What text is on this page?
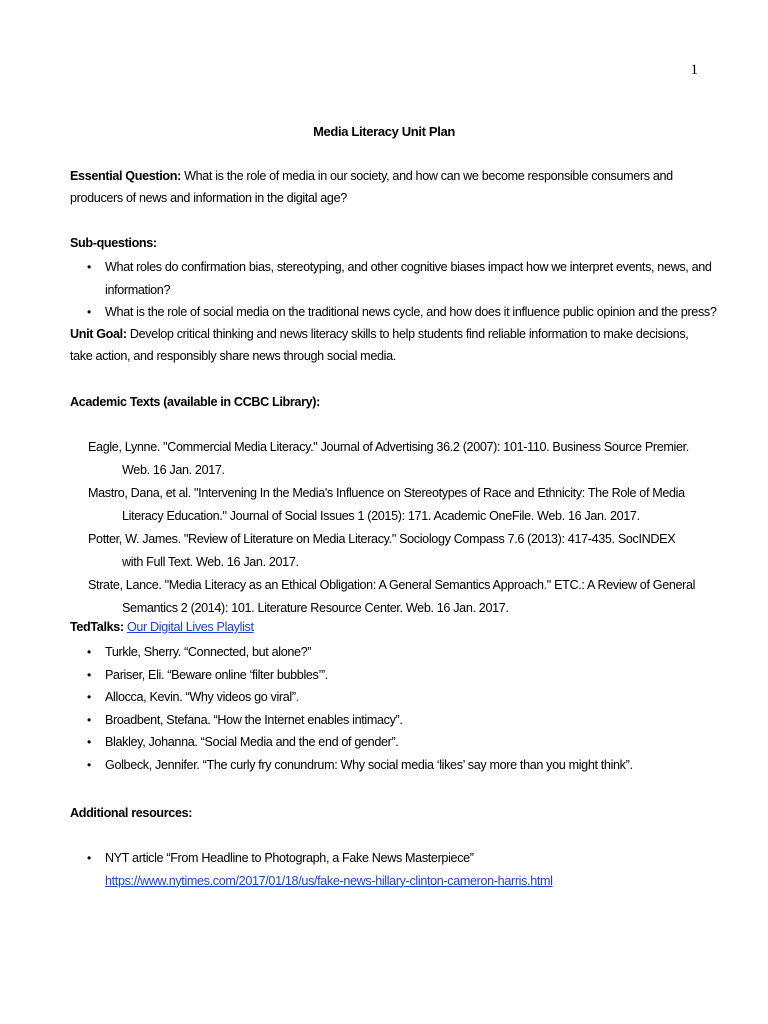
1
Media Literacy Unit Plan
Essential Question: What is the role of media in our society, and how can we become responsible consumers and producers of news and information in the digital age?
Sub-questions:
• What roles do confirmation bias, stereotyping, and other cognitive biases impact how we interpret events, news, and information?
• What is the role of social media on the traditional news cycle, and how does it influence public opinion and the press?
Unit Goal: Develop critical thinking and news literacy skills to help students find reliable information to make decisions, take action, and responsibly share news through social media.
Academic Texts (available in CCBC Library):
Eagle, Lynne. "Commercial Media Literacy." Journal of Advertising 36.2 (2007): 101-110. Business Source Premier. Web. 16 Jan. 2017.
Mastro, Dana, et al. "Intervening In the Media's Influence on Stereotypes of Race and Ethnicity: The Role of Media Literacy Education." Journal of Social Issues 1 (2015): 171. Academic OneFile. Web. 16 Jan. 2017.
Potter, W. James. "Review of Literature on Media Literacy." Sociology Compass 7.6 (2013): 417-435. SocINDEX with Full Text. Web. 16 Jan. 2017.
Strate, Lance. "Media Literacy as an Ethical Obligation: A General Semantics Approach." ETC.: A Review of General Semantics 2 (2014): 101. Literature Resource Center. Web. 16 Jan. 2017.
TedTalks: Our Digital Lives Playlist
• Turkle, Sherry. “Connected, but alone?”
• Pariser, Eli. “Beware online ‘filter bubbles’”.
• Allocca, Kevin. “Why videos go viral”.
• Broadbent, Stefana. “How the Internet enables intimacy”.
• Blakley, Johanna. “Social Media and the end of gender”.
• Golbeck, Jennifer. “The curly fry conundrum: Why social media ‘likes’ say more than you might think”.
Additional resources:
• NYT article “From Headline to Photograph, a Fake News Masterpiece”
https://www.nytimes.com/2017/01/18/us/fake-news-hillary-clinton-cameron-harris.html
